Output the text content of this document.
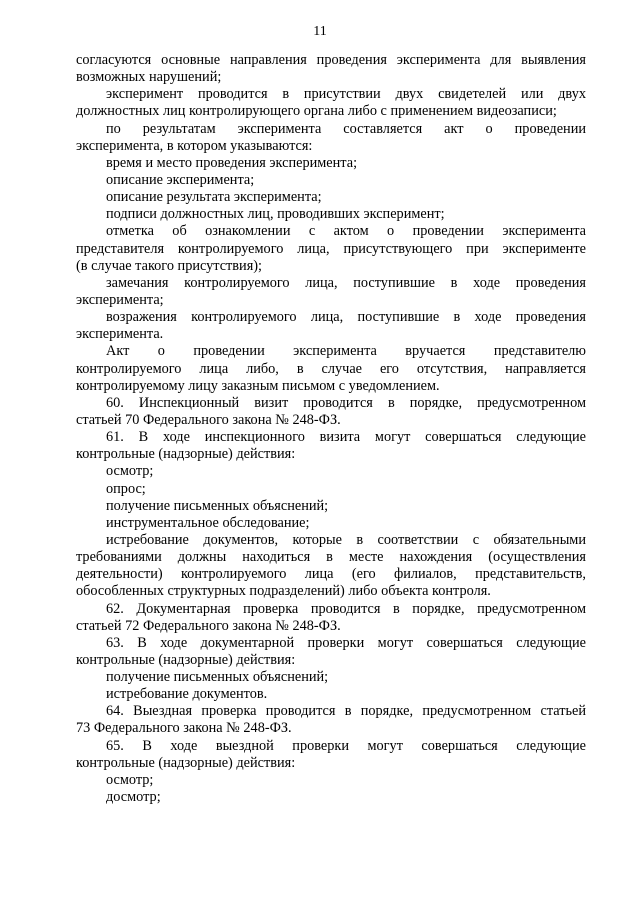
11
согласуются основные направления проведения эксперимента для выявления
возможных нарушений;
эксперимент проводится в присутствии двух свидетелей или двух
должностных лиц контролирующего органа либо с применением видеозаписи;
по результатам эксперимента составляется акт о проведении
эксперимента, в котором указываются:
время и место проведения эксперимента;
описание эксперимента;
описание результата эксперимента;
подписи должностных лиц, проводивших эксперимент;
отметка об ознакомлении с актом о проведении эксперимента
представителя контролируемого лица, присутствующего при эксперименте
(в случае такого присутствия);
замечания контролируемого лица, поступившие в ходе проведения
эксперимента;
возражения контролируемого лица, поступившие в ходе проведения
эксперимента.
Акт о проведении эксперимента вручается представителю
контролируемого лица либо, в случае его отсутствия, направляется
контролируемому лицу заказным письмом с уведомлением.
60. Инспекционный визит проводится в порядке, предусмотренном
статьей 70 Федерального закона № 248-ФЗ.
61. В ходе инспекционного визита могут совершаться следующие
контрольные (надзорные) действия:
осмотр;
опрос;
получение письменных объяснений;
инструментальное обследование;
истребование документов, которые в соответствии с обязательными
требованиями должны находиться в месте нахождения (осуществления
деятельности) контролируемого лица (его филиалов, представительств,
обособленных структурных подразделений) либо объекта контроля.
62. Документарная проверка проводится в порядке, предусмотренном
статьей 72 Федерального закона № 248-ФЗ.
63. В ходе документарной проверки могут совершаться следующие
контрольные (надзорные) действия:
получение письменных объяснений;
истребование документов.
64. Выездная проверка проводится в порядке, предусмотренном статьей
73 Федерального закона № 248-ФЗ.
65. В ходе выездной проверки могут совершаться следующие
контрольные (надзорные) действия:
осмотр;
досмотр;
